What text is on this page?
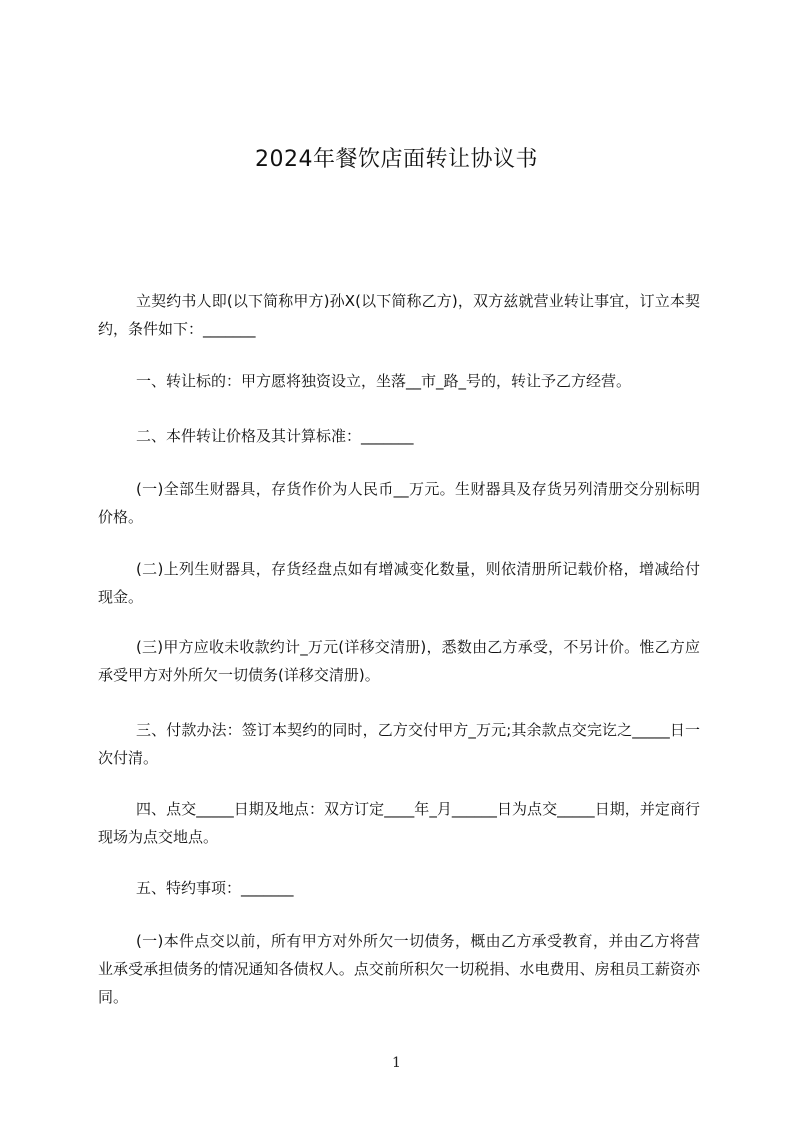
2024年餐饮店面转让协议书
立契约书人即(以下简称甲方)孙X(以下简称乙方)，双方兹就营业转让事宜，订立本契约，条件如下：_______
一、转让标的：甲方愿将独资设立，坐落__市_路_号的，转让予乙方经营。
二、本件转让价格及其计算标准：_______
(一)全部生财器具，存货作价为人民币__万元。生财器具及存货另列清册交分别标明价格。
(二)上列生财器具，存货经盘点如有增减变化数量，则依清册所记载价格，增减给付现金。
(三)甲方应收未收款约计_万元(详移交清册)，悉数由乙方承受，不另计价。惟乙方应承受甲方对外所欠一切债务(详移交清册)。
三、付款办法：签订本契约的同时，乙方交付甲方_万元;其余款点交完讫之_____日一次付清。
四、点交_____日期及地点：双方订定____年_月______日为点交_____日期，并定商行现场为点交地点。
五、特约事项：_______
(一)本件点交以前，所有甲方对外所欠一切债务，概由乙方承受教育，并由乙方将营业承受承担债务的情况通知各债权人。点交前所积欠一切税捐、水电费用、房租员工薪资亦同。
1
